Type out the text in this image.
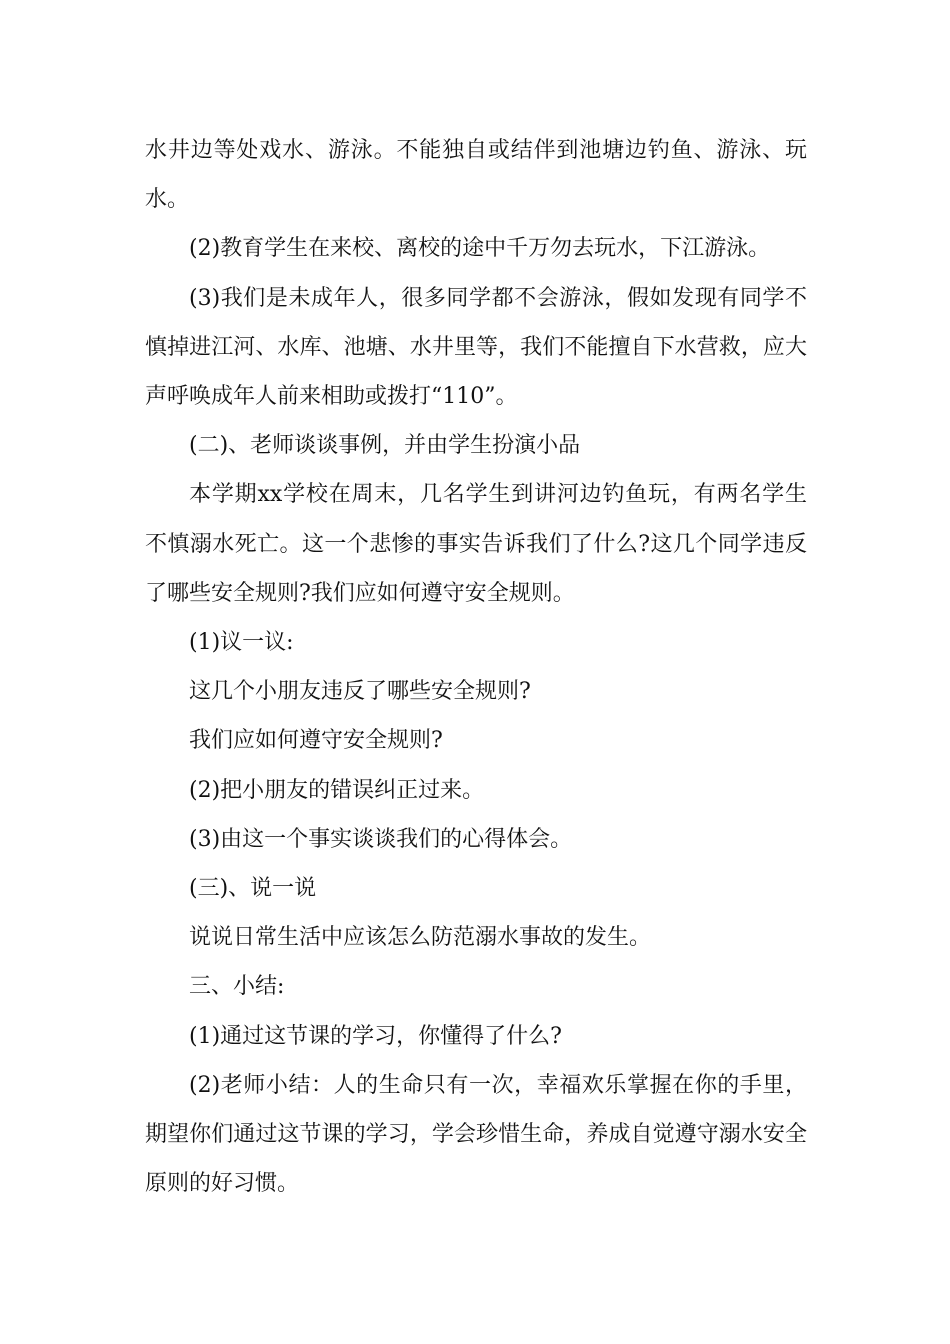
水井边等处戏水、游泳。不能独自或结伴到池塘边钓鱼、游泳、玩水。

(2)教育学生在来校、离校的途中千万勿去玩水，下江游泳。

(3)我们是未成年人，很多同学都不会游泳，假如发现有同学不慎掉进江河、水库、池塘、水井里等，我们不能擅自下水营救，应大声呼唤成年人前来相助或拨打“110”。

(二)、老师谈谈事例，并由学生扮演小品

本学期xx学校在周末，几名学生到讲河边钓鱼玩，有两名学生不慎溺水死亡。这一个悲惨的事实告诉我们了什么?这几个同学违反了哪些安全规则?我们应如何遵守安全规则。

(1)议一议:

这几个小朋友违反了哪些安全规则?

我们应如何遵守安全规则?

(2)把小朋友的错误纠正过来。

(3)由这一个事实谈谈我们的心得体会。

(三)、说一说

说说日常生活中应该怎么防范溺水事故的发生。

三、小结:

(1)通过这节课的学习，你懂得了什么?

(2)老师小结：人的生命只有一次，幸福欢乐掌握在你的手里，期望你们通过这节课的学习，学会珍惜生命，养成自觉遵守溺水安全原则的好习惯。
